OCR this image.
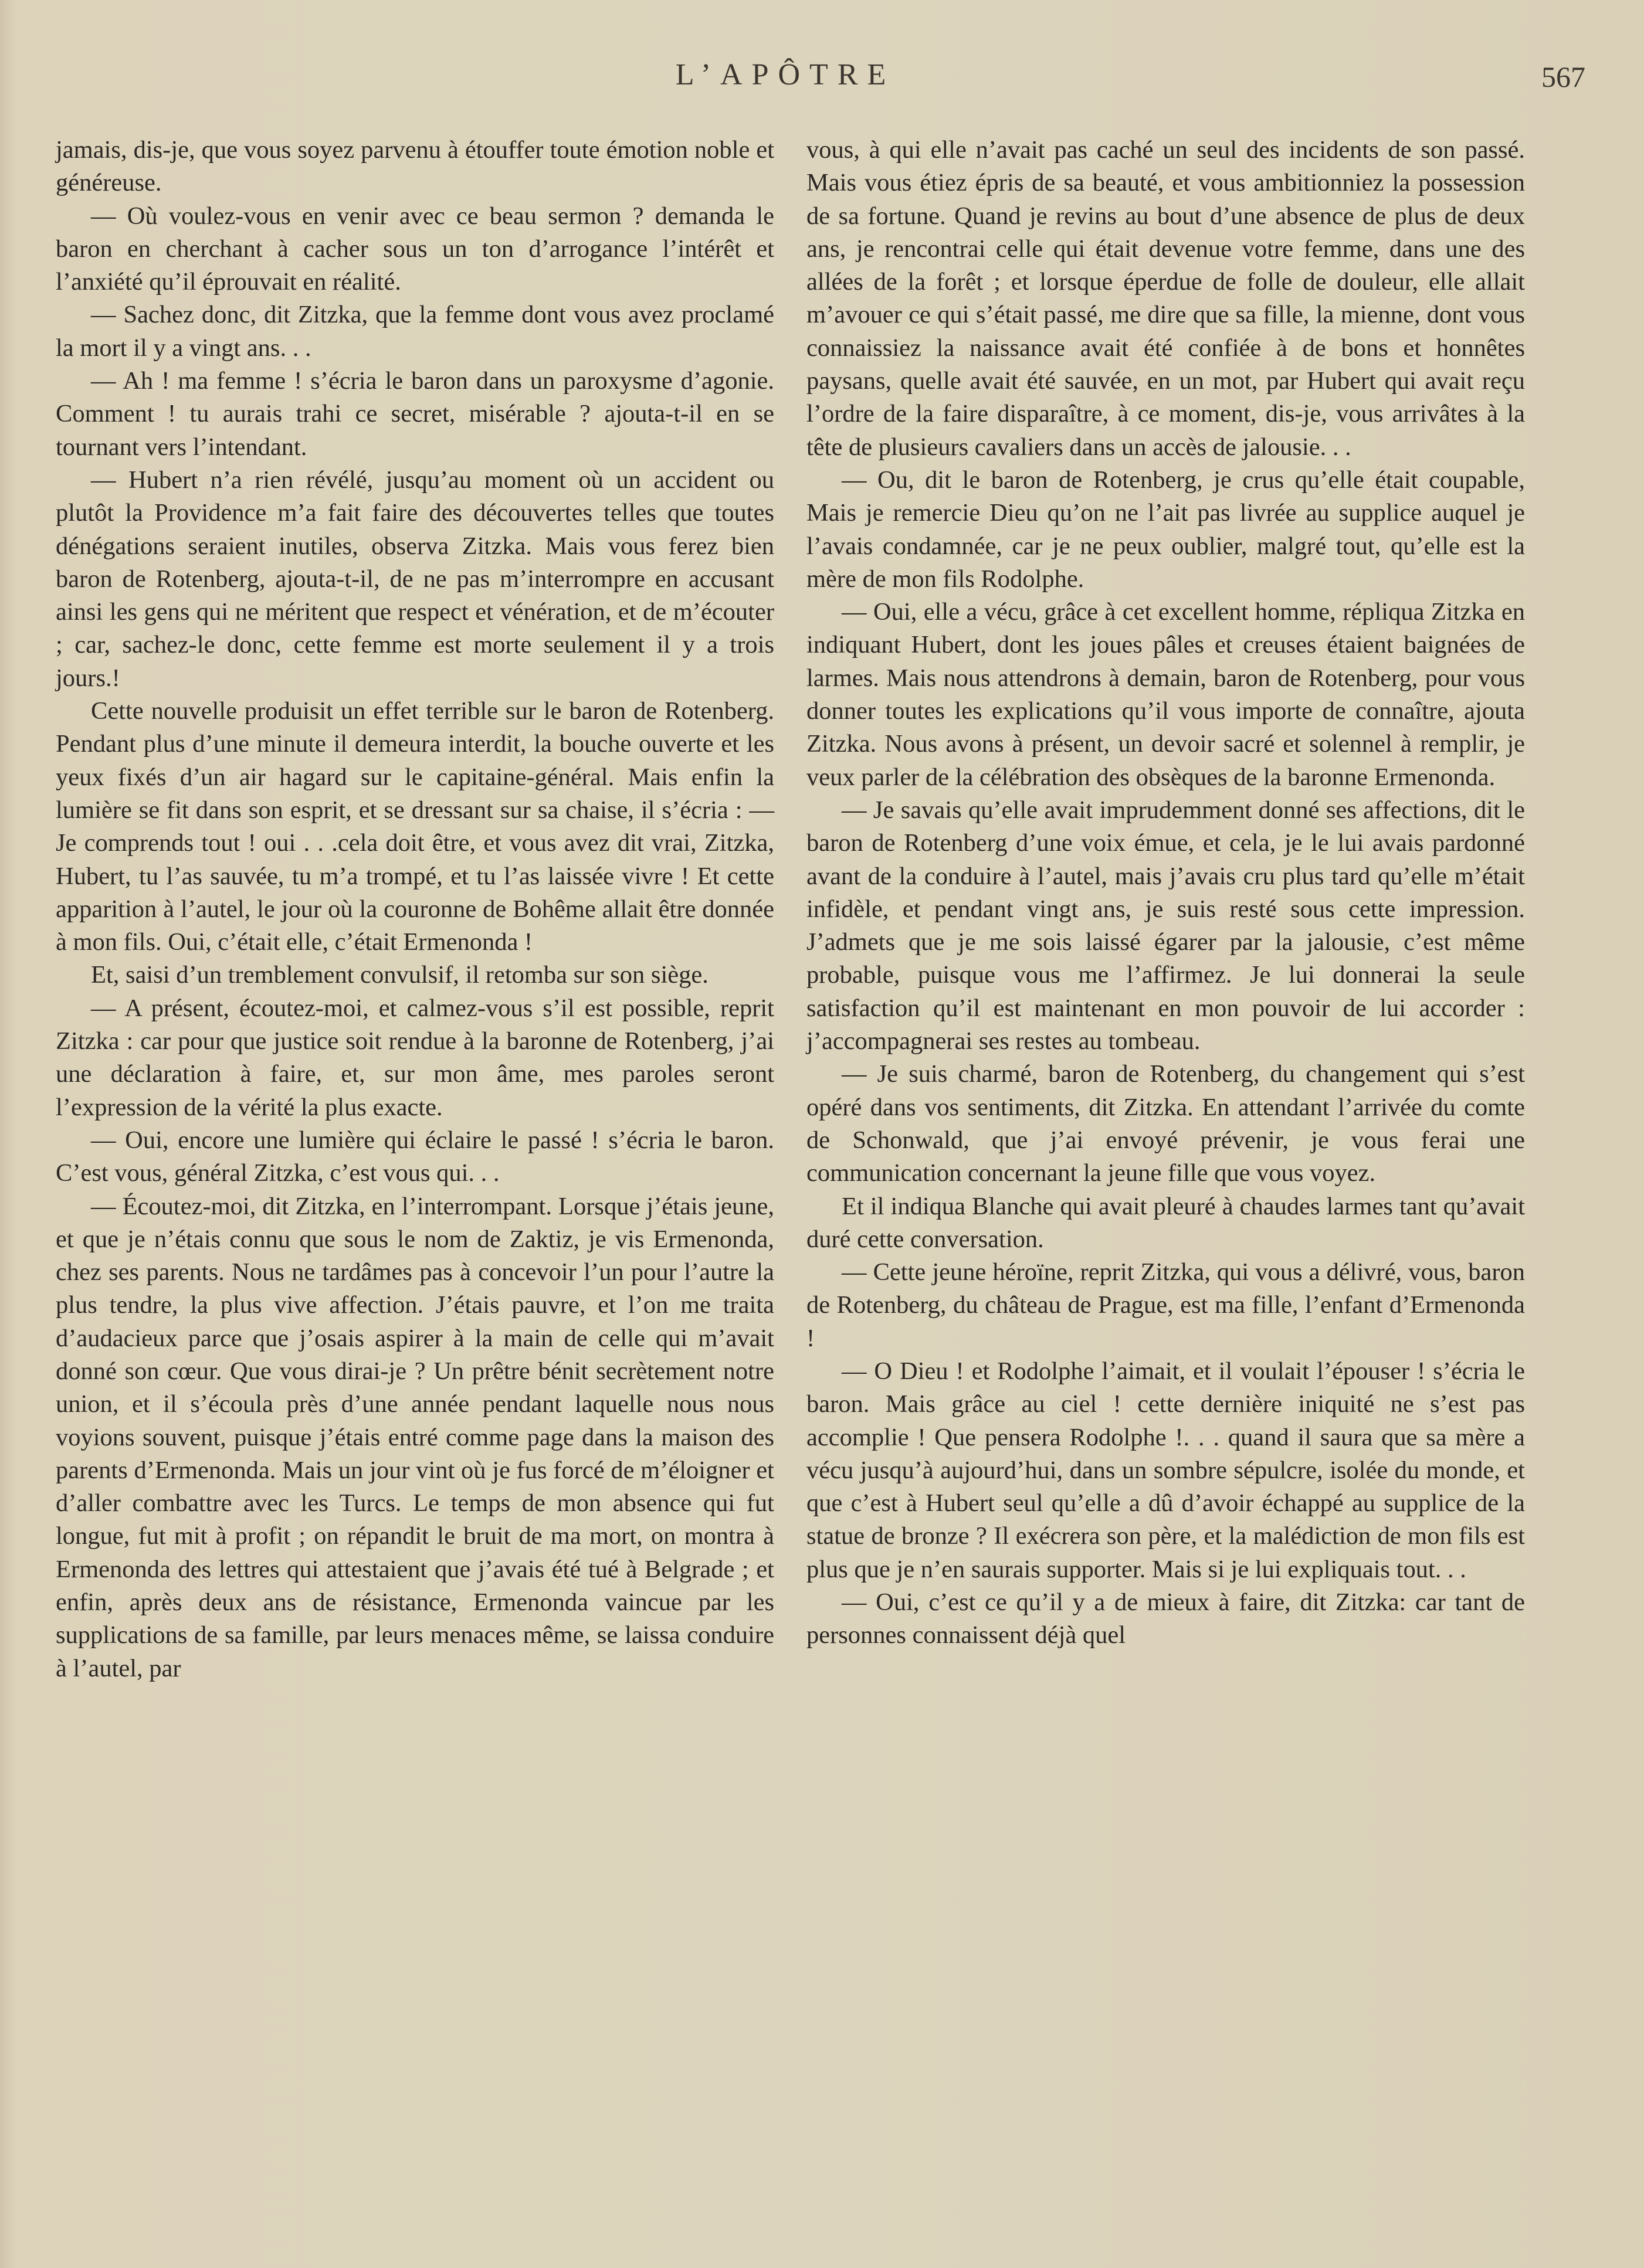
L’APÔTRE	567

jamais, dis-je, que vous soyez parvenu à étouffer toute émotion noble et généreuse.

— Où voulez-vous en venir avec ce beau sermon ? demanda le baron en cherchant à cacher sous un ton d’arrogance l’intérêt et l’anxiété qu’il éprouvait en réalité.

— Sachez donc, dit Zitzka, que la femme dont vous avez proclamé la mort il y a vingt ans. . .

— Ah ! ma femme ! s’écria le baron dans un paroxysme d’agonie. Comment ! tu aurais trahi ce secret, misérable ? ajouta-t-il en se tournant vers l’intendant.

— Hubert n’a rien révélé, jusqu’au moment où un accident ou plutôt la Providence m’a fait faire des découvertes telles que toutes dénégations seraient inutiles, observa Zitzka. Mais vous ferez bien baron de Rotenberg, ajouta-t-il, de ne pas m’interrompre en accusant ainsi les gens qui ne méritent que respect et vénération, et de m’écouter ; car, sachez-le donc, cette femme est morte seulement il y a trois jours.!

Cette nouvelle produisit un effet terrible sur le baron de Rotenberg. Pendant plus d’une minute il demeura interdit, la bouche ouverte et les yeux fixés d’un air hagard sur le capitaine-général. Mais enfin la lumière se fit dans son esprit, et se dressant sur sa chaise, il s’écria : — Je comprends tout ! oui . . .cela doit être, et vous avez dit vrai, Zitzka, Hubert, tu l’as sauvée, tu m’a trompé, et tu l’as laissée vivre ! Et cette apparition à l’autel, le jour où la couronne de Bohême allait être donnée à mon fils. Oui, c’était elle, c’était Ermenonda !

Et, saisi d’un tremblement convulsif, il retomba sur son siège.

— A présent, écoutez-moi, et calmez-vous s’il est possible, reprit Zitzka : car pour que justice soit rendue à la baronne de Rotenberg, j’ai une déclaration à faire, et, sur mon âme, mes paroles seront l’expression de la vérité la plus exacte.

— Oui, encore une lumière qui éclaire le passé ! s’écria le baron. C’est vous, général Zitzka, c’est vous qui. . .

— Écoutez-moi, dit Zitzka, en l’interrompant. Lorsque j’étais jeune, et que je n’étais connu que sous le nom de Zaktiz, je vis Ermenonda, chez ses parents. Nous ne tardâmes pas à concevoir l’un pour l’autre la plus tendre, la plus vive affection. J’étais pauvre, et l’on me traita d’audacieux parce que j’osais aspirer à la main de celle qui m’avait donné son cœur. Que vous dirai-je ? Un prêtre bénit secrètement notre union, et il s’écoula près d’une année pendant laquelle nous nous voyions souvent, puisque j’étais entré comme page dans la maison des parents d’Ermenonda. Mais un jour vint où je fus forcé de m’éloigner et d’aller combattre avec les Turcs. Le temps de mon absence qui fut longue, fut mit à profit ; on répandit le bruit de ma mort, on montra à Ermenonda des lettres qui attestaient que j’avais été tué à Belgrade ; et enfin, après deux ans de résistance, Ermenonda vaincue par les supplications de sa famille, par leurs menaces même, se laissa conduire à l’autel, par

vous, à qui elle n’avait pas caché un seul des incidents de son passé. Mais vous étiez épris de sa beauté, et vous ambitionniez la possession de sa fortune. Quand je revins au bout d’une absence de plus de deux ans, je rencontrai celle qui était devenue votre femme, dans une des allées de la forêt ; et lorsque éperdue de folle de douleur, elle allait m’avouer ce qui s’était passé, me dire que sa fille, la mienne, dont vous connaissiez la naissance avait été confiée à de bons et honnêtes paysans, quelle avait été sauvée, en un mot, par Hubert qui avait reçu l’ordre de la faire disparaître, à ce moment, dis-je, vous arrivâtes à la tête de plusieurs cavaliers dans un accès de jalousie. . .

— Ou, dit le baron de Rotenberg, je crus qu’elle était coupable, Mais je remercie Dieu qu’on ne l’ait pas livrée au supplice auquel je l’avais condamnée, car je ne peux oublier, malgré tout, qu’elle est la mère de mon fils Rodolphe.

— Oui, elle a vécu, grâce à cet excellent homme, répliqua Zitzka en indiquant Hubert, dont les joues pâles et creuses étaient baignées de larmes. Mais nous attendrons à demain, baron de Rotenberg, pour vous donner toutes les explications qu’il vous importe de connaître, ajouta Zitzka. Nous avons à présent, un devoir sacré et solennel à remplir, je veux parler de la célébration des obsèques de la baronne Ermenonda.

— Je savais qu’elle avait imprudemment donné ses affections, dit le baron de Rotenberg d’une voix émue, et cela, je le lui avais pardonné avant de la conduire à l’autel, mais j’avais cru plus tard qu’elle m’était infidèle, et pendant vingt ans, je suis resté sous cette impression. J’admets que je me sois laissé égarer par la jalousie, c’est même probable, puisque vous me l’affirmez. Je lui donnerai la seule satisfaction qu’il est maintenant en mon pouvoir de lui accorder : j’accompagnerai ses restes au tombeau.

— Je suis charmé, baron de Rotenberg, du changement qui s’est opéré dans vos sentiments, dit Zitzka. En attendant l’arrivée du comte de Schonwald, que j’ai envoyé prévenir, je vous ferai une communication concernant la jeune fille que vous voyez.

Et il indiqua Blanche qui avait pleuré à chaudes larmes tant qu’avait duré cette conversation.

— Cette jeune héroïne, reprit Zitzka, qui vous a délivré, vous, baron de Rotenberg, du château de Prague, est ma fille, l’enfant d’Ermenonda !

— O Dieu ! et Rodolphe l’aimait, et il voulait l’épouser ! s’écria le baron. Mais grâce au ciel ! cette dernière iniquité ne s’est pas accomplie ! Que pensera Rodolphe !. . . quand il saura que sa mère a vécu jusqu’à aujourd’hui, dans un sombre sépulcre, isolée du monde, et que c’est à Hubert seul qu’elle a dû d’avoir échappé au supplice de la statue de bronze ? Il exécrera son père, et la malédiction de mon fils est plus que je n’en saurais supporter. Mais si je lui expliquais tout. . .

— Oui, c’est ce qu’il y a de mieux à faire, dit Zitzka: car tant de personnes connaissent déjà quel
